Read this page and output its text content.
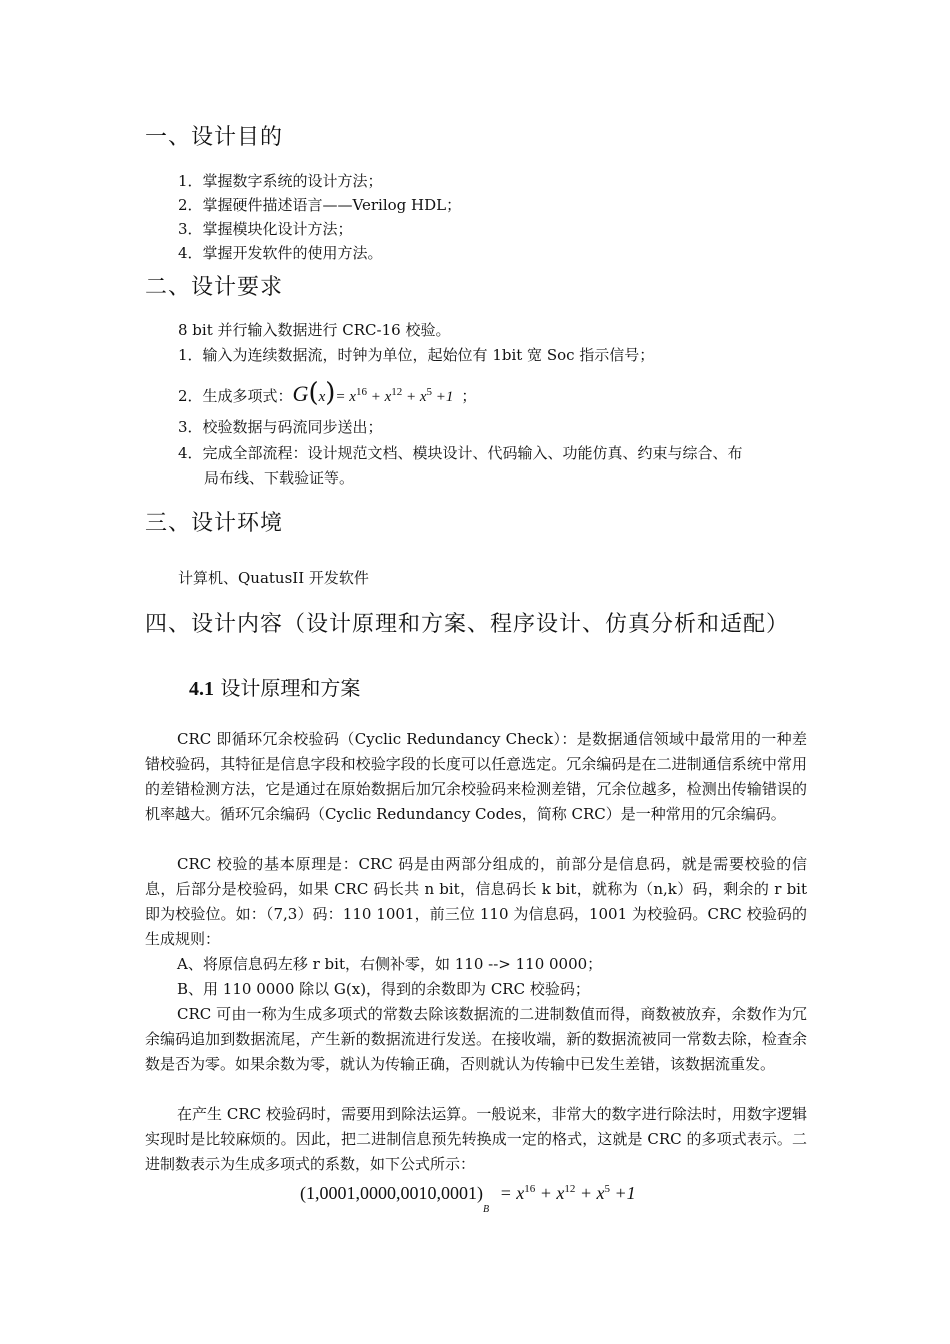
一、设计目的
1．掌握数字系统的设计方法；
2．掌握硬件描述语言——Verilog HDL；
3．掌握模块化设计方法；
4．掌握开发软件的使用方法。
二、设计要求
8 bit 并行输入数据进行 CRC-16 校验。
1．输入为连续数据流，时钟为单位，起始位有 1bit 宽 Soc 指示信号；
2．生成多项式：$G(x)= x^{16} + x^{12} + x^5 +1$ ；
3．校验数据与码流同步送出；
4．完成全部流程：设计规范文档、模块设计、代码输入、功能仿真、约束与综合、布
局布线、下载验证等。
三、设计环境
计算机、QuatusII 开发软件
四、设计内容（设计原理和方案、程序设计、仿真分析和适配）
4.1 设计原理和方案
CRC 即循环冗余校验码（Cyclic Redundancy Check）：是数据通信领域中最常用的一种差错校验码，其特征是信息字段和校验字段的长度可以任意选定。冗余编码是在二进制通信系统中常用的差错检测方法，它是通过在原始数据后加冗余校验码来检测差错，冗余位越多，检测出传输错误的机率越大。循环冗余编码（Cyclic Redundancy Codes，简称 CRC）是一种常用的冗余编码。
CRC 校验的基本原理是：CRC 码是由两部分组成的，前部分是信息码，就是需要校验的信息，后部分是校验码，如果 CRC 码长共 n bit，信息码长 k bit，就称为（n,k）码，剩余的 r bit 即为校验位。如：（7,3）码：110 1001，前三位 110 为信息码，1001 为校验码。CRC 校验码的生成规则：
A、将原信息码左移 r bit，右侧补零，如 110 --> 110 0000；
B、用 110 0000 除以 G(x)，得到的余数即为 CRC 校验码；
CRC 可由一称为生成多项式的常数去除该数据流的二进制数值而得，商数被放弃，余数作为冗余编码追加到数据流尾，产生新的数据流进行发送。在接收端，新的数据流被同一常数去除，检查余数是否为零。如果余数为零，就认为传输正确，否则就认为传输中已发生差错，该数据流重发。
在产生 CRC 校验码时，需要用到除法运算。一般说来，非常大的数字进行除法时，用数字逻辑实现时是比较麻烦的。因此，把二进制信息预先转换成一定的格式，这就是 CRC 的多项式表示。二进制数表示为生成多项式的系数，如下公式所示：
$(1,0001,0000,0010,0001)_B = x^{16} + x^{12} + x^5 +1$
